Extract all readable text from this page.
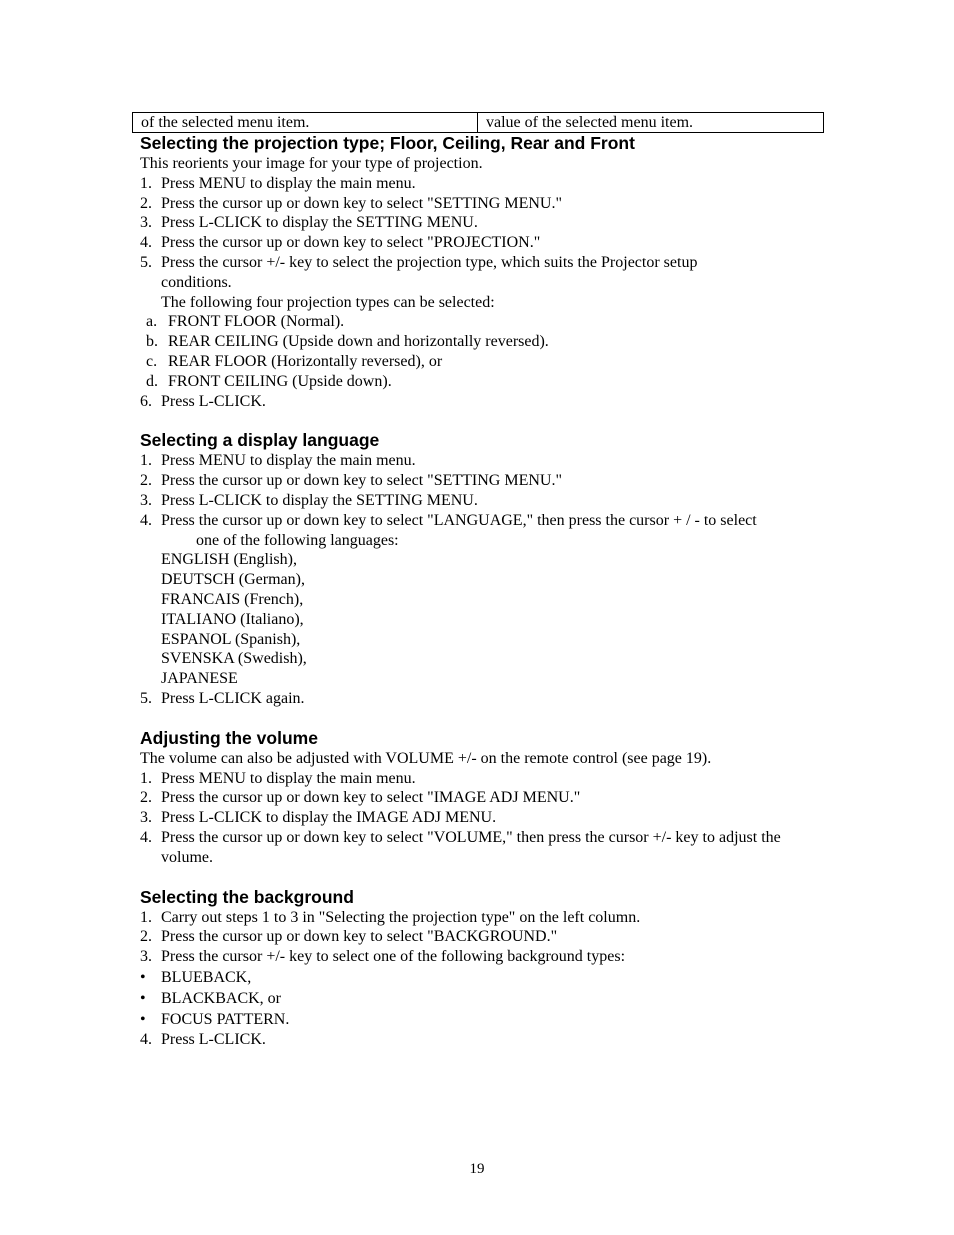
of the selected menu item.	value of the selected menu item.
Selecting the projection type; Floor, Ceiling, Rear and Front
This reorients your image for your type of projection.
1. Press MENU to display the main menu.
2. Press the cursor up or down key to select "SETTING MENU."
3. Press L-CLICK to display the SETTING MENU.
4. Press the cursor up or down key to select "PROJECTION."
5. Press the cursor +/- key to select the projection type, which suits the Projector setup conditions.
The following four projection types can be selected:
a. FRONT FLOOR (Normal).
b. REAR CEILING (Upside down and horizontally reversed).
c. REAR FLOOR (Horizontally reversed), or
d. FRONT CEILING (Upside down).
6. Press L-CLICK.
Selecting a display language
1. Press MENU to display the main menu.
2. Press the cursor up or down key to select "SETTING MENU."
3. Press L-CLICK to display the SETTING MENU.
4. Press the cursor up or down key to select "LANGUAGE," then press the cursor + / - to select
one of the following languages:
ENGLISH (English),
DEUTSCH (German),
FRANCAIS (French),
ITALIANO (Italiano),
ESPANOL (Spanish),
SVENSKA (Swedish),
JAPANESE
5. Press L-CLICK again.
Adjusting the volume
The volume can also be adjusted with VOLUME +/- on the remote control (see page 19).
1. Press MENU to display the main menu.
2. Press the cursor up or down key to select "IMAGE ADJ MENU."
3. Press L-CLICK to display the IMAGE ADJ MENU.
4. Press the cursor up or down key to select "VOLUME," then press the cursor +/- key to adjust the volume.
Selecting the background
1. Carry out steps 1 to 3 in "Selecting the projection type" on the left column.
2. Press the cursor up or down key to select "BACKGROUND."
3. Press the cursor +/- key to select one of the following background types:
• BLUEBACK,
• BLACKBACK, or
• FOCUS PATTERN.
4. Press L-CLICK.
19
